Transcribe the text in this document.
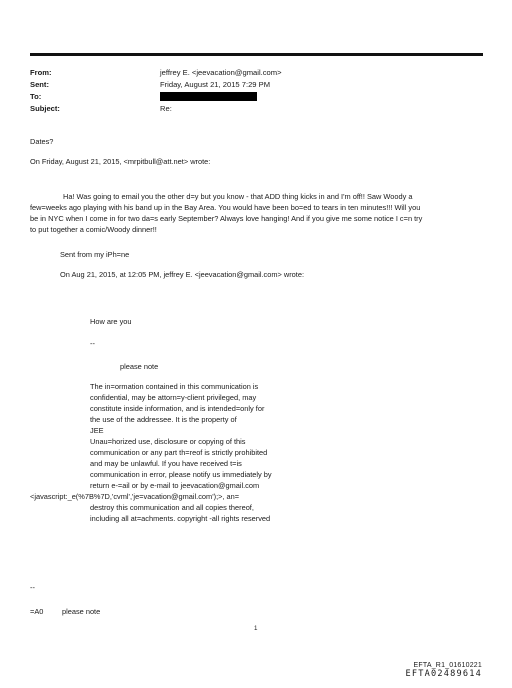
From:	jeffrey E. <jeevacation@gmail.com>
Sent:	Friday, August 21, 2015 7:29 PM
To:
Subject:	Re:
Dates?
On Friday, August 21, 2015, <mrpitbull@att.net> wrote:
Ha! Was going to email you the other d=y but you know - that ADD thing kicks in and I'm off!! Saw Woody a
few=weeks ago playing with his band up in the Bay Area. You would have been bo=ed to tears in ten minutes!!! Will you
be in NYC when I come in for two da=s early September? Always love hanging! And if you give me some notice I c=n try
to put together a comic/Woody dinner!!
Sent from my iPh=ne
On Aug 21, 2015, at 12:05 PM, jeffrey E. <jeevacation@gmail.com> wrote:
How are you
--
please note
The in=ormation contained in this communication is
confidential, may be attorn=y-client privileged, may
constitute inside information, and is intended=only for
the use of the addressee. It is the property of
JEE
Unau=horized use, disclosure or copying of this
communication or any part th=reof is strictly prohibited
and may be unlawful. If you have received t=is
communication in error, please notify us immediately by
return e-=ail or by e-mail to jeevacation@gmail.com
<javascript:_e(%7B%7D,'cvml','je=vacation@gmail.com');>, an=
destroy this communication and all copies thereof,
including all at=achments. copyright -all rights reserved
--
=A0	please note
1
EFTA_R1_01610221
EFTA02489614
